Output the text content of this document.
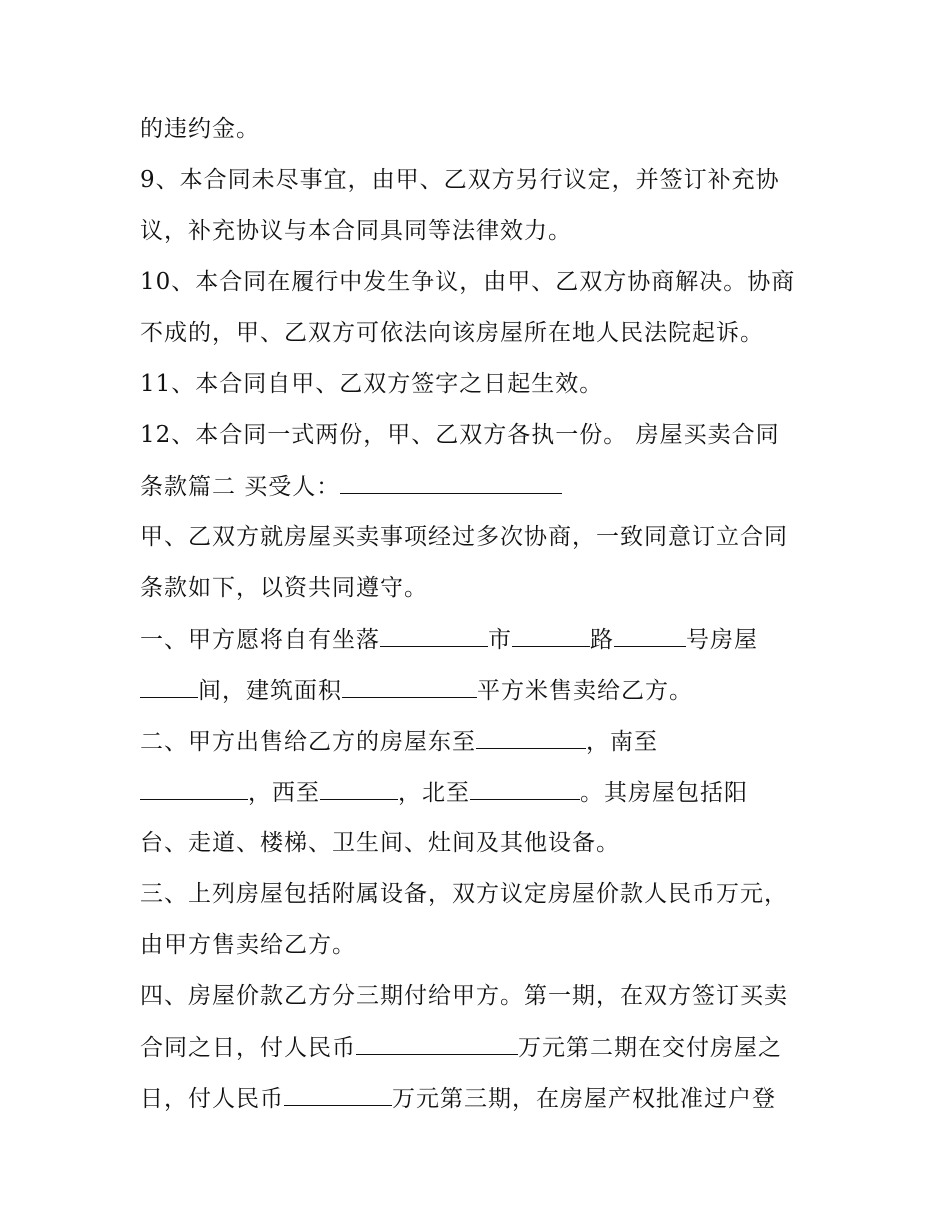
的违约金。
9、本合同未尽事宜，由甲、乙双方另行议定，并签订补充协
议，补充协议与本合同具同等法律效力。
10、本合同在履行中发生争议，由甲、乙双方协商解决。协商
不成的，甲、乙双方可依法向该房屋所在地人民法院起诉。
11、本合同自甲、乙双方签字之日起生效。
12、本合同一式两份，甲、乙双方各执一份。 房屋买卖合同
条款篇二 买受人：
甲、乙双方就房屋买卖事项经过多次协商，一致同意订立合同
条款如下，以资共同遵守。
一、甲方愿将自有坐落	市	路	号房屋
间，建筑面积	平方米售卖给乙方。
二、甲方出售给乙方的房屋东至	，南至
，西至	，北至	。其房屋包括阳
台、走道、楼梯、卫生间、灶间及其他设备。
三、上列房屋包括附属设备，双方议定房屋价款人民币万元，
由甲方售卖给乙方。
四、房屋价款乙方分三期付给甲方。第一期，在双方签订买卖
合同之日，付人民币	万元第二期在交付房屋之
日，付人民币	万元第三期，在房屋产权批准过户登
